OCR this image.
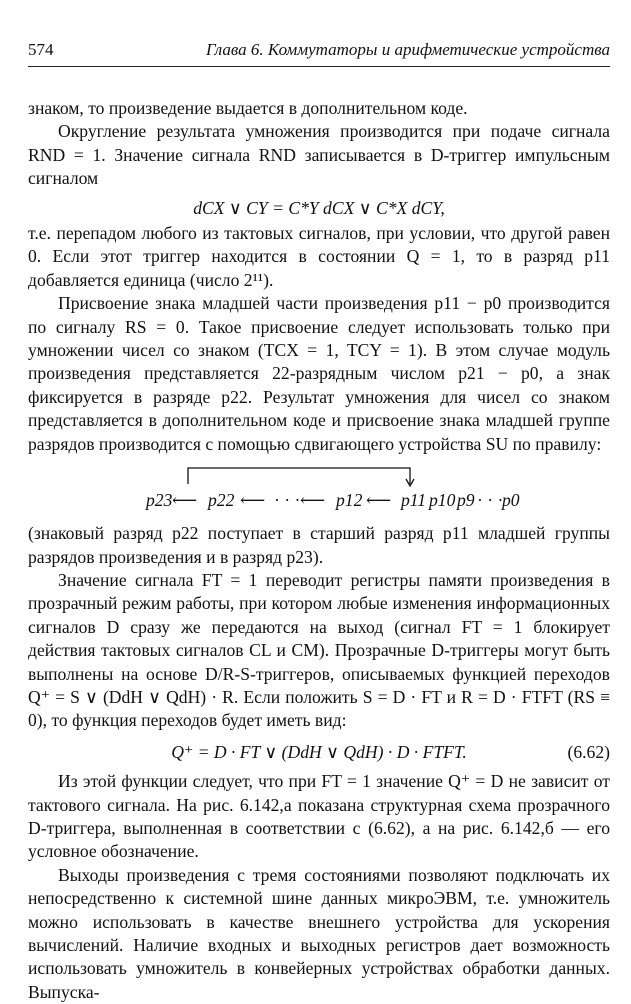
574	Глава 6. Коммутаторы и арифметические устройства

знаком, то произведение выдается в дополнительном коде.

Округление результата умножения производится при подаче сигнала RND = 1. Значение сигнала RND записывается в D-триггер импульсным сигналом

dCX ∨ CY = C*Y dCX ∨ C*X dCY,

т.е. перепадом любого из тактовых сигналов, при условии, что другой равен 0. Если этот триггер находится в состоянии Q = 1, то в разряд p11 добавляется единица (число 2¹¹).

Присвоение знака младшей части произведения p11 − p0 производится по сигналу RS = 0. Такое присвоение следует использовать только при умножении чисел со знаком (TCX = 1, TCY = 1). В этом случае модуль произведения представляется 22-разрядным числом p21 − p0, а знак фиксируется в разряде p22. Результат умножения для чисел со знаком представляется в дополнительном коде и присвоение знака младшей группе разрядов производится с помощью сдвигающего устройства SU по правилу:

p23 ⟵ p22 ⟵ · · · ⟵ p12 ⟵ p11 p10 p9 · · ·
p0

(знаковый разряд p22 поступает в старший разряд p11 младшей группы разрядов произведения и в разряд p23).

Значение сигнала FT = 1 переводит регистры памяти произведения в прозрачный режим работы, при котором любые изменения информационных сигналов D сразу же передаются на выход (сигнал FT = 1 блокирует действия тактовых сигналов CL и CM). Прозрачные D-триггеры могут быть выполнены на основе D/R-S-триггеров, описываемых функцией переходов Q⁺ = S ∨ (DdH ∨ QdH) · R. Если положить S = D · FT и R = D · FTFT (RS ≡ 0), то функция переходов будет иметь вид:

Q⁺ = D · FT ∨ (DdH ∨ QdH) · D · FTFT.	(6.62)

Из этой функции следует, что при FT = 1 значение Q⁺ = D не зависит от тактового сигнала. На рис. 6.142,а показана структурная схема прозрачного D-триггера, выполненная в соответствии с (6.62), а на рис. 6.142,б — его условное обозначение.

Выходы произведения с тремя состояниями позволяют подключать их непосредственно к системной шине данных микроЭВМ, т.е. умножитель можно использовать в качестве внешнего устройства для ускорения вычислений. Наличие входных и выходных регистров дает возможность использовать умножитель в конвейерных устройствах обработки данных. Выпуска-
